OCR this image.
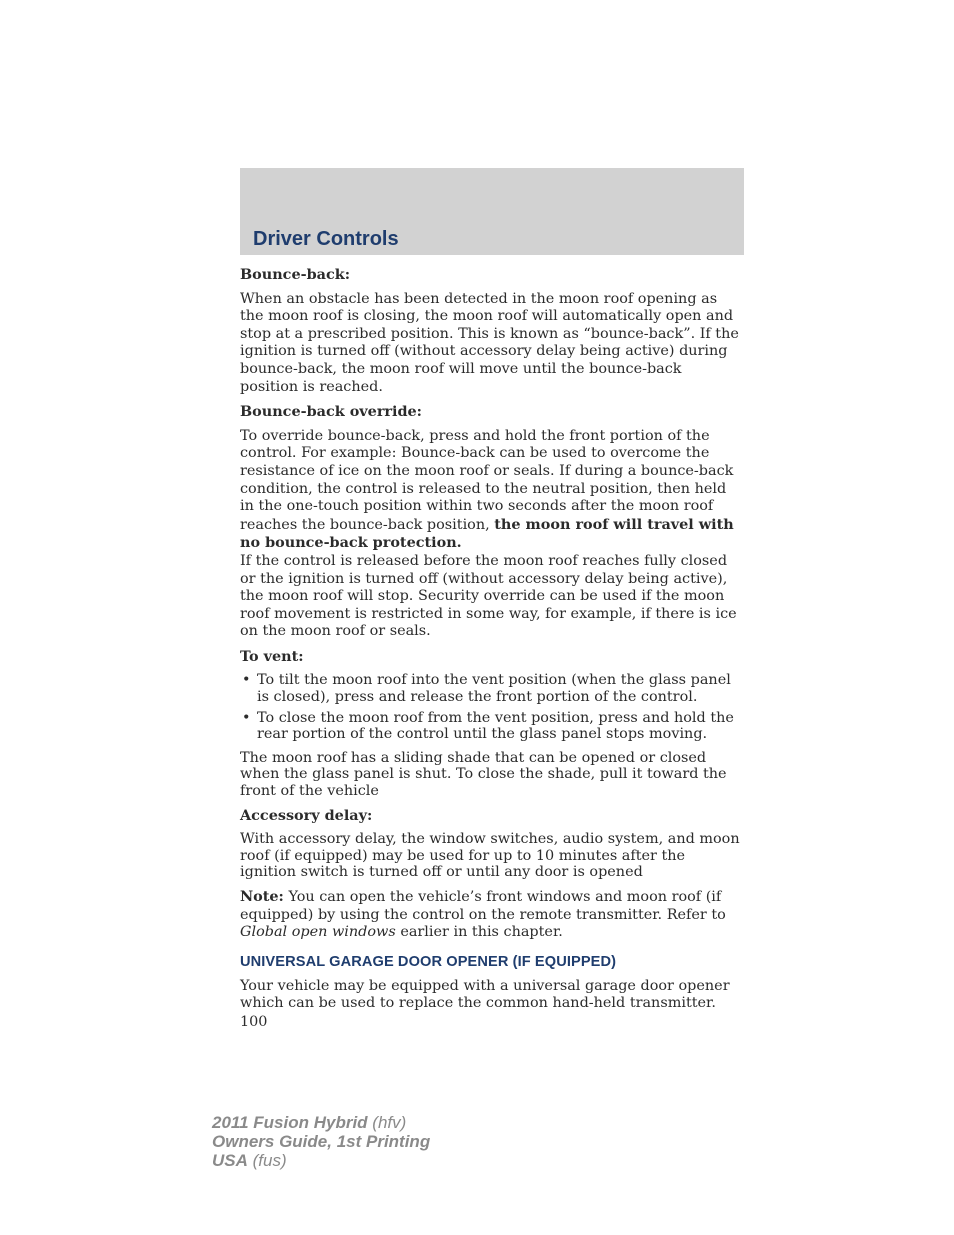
Driver Controls

Bounce-back:

When an obstacle has been detected in the moon roof opening as the moon roof is closing, the moon roof will automatically open and stop at a prescribed position. This is known as “bounce-back”. If the ignition is turned off (without accessory delay being active) during bounce-back, the moon roof will move until the bounce-back position is reached.

Bounce-back override:

To override bounce-back, press and hold the front portion of the control. For example: Bounce-back can be used to overcome the resistance of ice on the moon roof or seals. If during a bounce-back condition, the control is released to the neutral position, then held in the one-touch position within two seconds after the moon roof reaches the bounce-back position, the moon roof will travel with no bounce-back protection.
If the control is released before the moon roof reaches fully closed or the ignition is turned off (without accessory delay being active), the moon roof will stop. Security override can be used if the moon roof movement is restricted in some way, for example, if there is ice on the moon roof or seals.

To vent:

• To tilt the moon roof into the vent position (when the glass panel is closed), press and release the front portion of the control.
• To close the moon roof from the vent position, press and hold the rear portion of the control until the glass panel stops moving.

The moon roof has a sliding shade that can be opened or closed when the glass panel is shut. To close the shade, pull it toward the front of the vehicle

Accessory delay:

With accessory delay, the window switches, audio system, and moon roof (if equipped) may be used for up to 10 minutes after the ignition switch is turned off or until any door is opened

Note: You can open the vehicle’s front windows and moon roof (if equipped) by using the control on the remote transmitter. Refer to Global open windows earlier in this chapter.

UNIVERSAL GARAGE DOOR OPENER (IF EQUIPPED)

Your vehicle may be equipped with a universal garage door opener which can be used to replace the common hand-held transmitter.

100

2011 Fusion Hybrid (hfv)
Owners Guide, 1st Printing
USA (fus)
